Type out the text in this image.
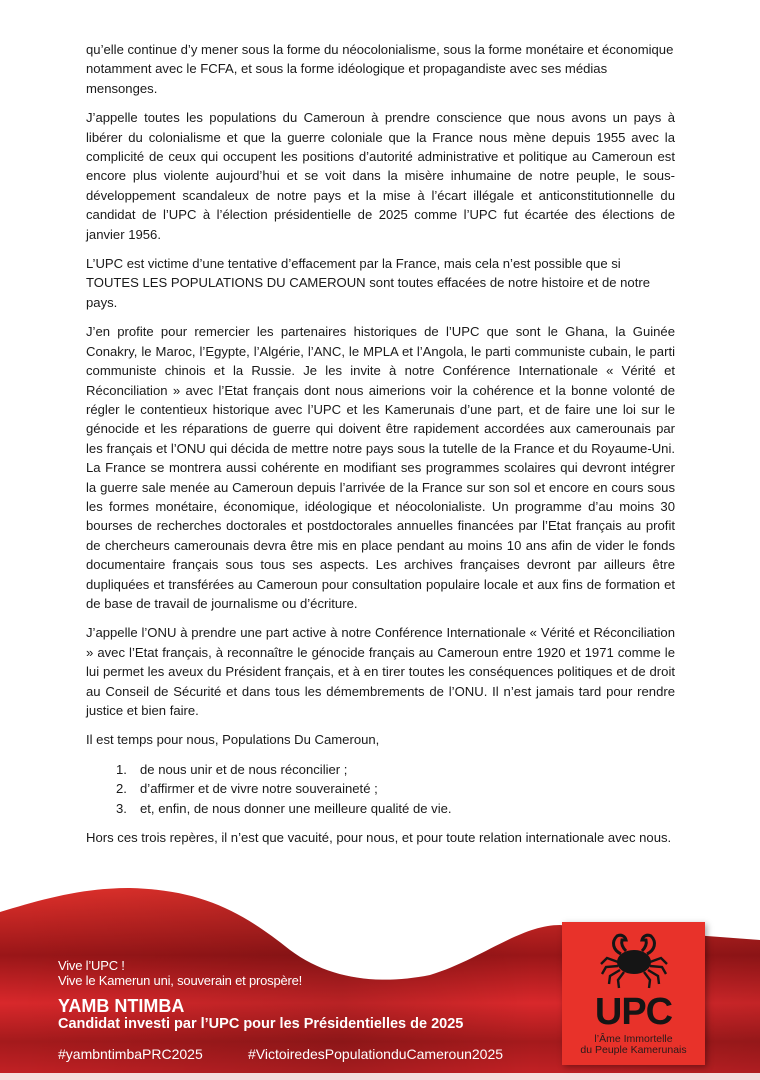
qu’elle continue d’y mener sous la forme du néocolonialisme, sous la forme monétaire et économique notamment avec le FCFA, et sous la forme idéologique et propagandiste avec ses médias mensonges.

J’appelle toutes les populations du Cameroun à prendre conscience que nous avons un pays à libérer du colonialisme et que la guerre coloniale que la France nous mène depuis 1955 avec la complicité de ceux qui occupent les positions d’autorité administrative et politique au Cameroun est encore plus violente aujourd’hui et se voit dans la misère inhumaine de notre peuple, le sous-développement scandaleux de notre pays et la mise à l’écart illégale et anticonstitutionnelle du candidat de l’UPC à l’élection présidentielle de 2025 comme l’UPC fut écartée des élections de janvier 1956.

L’UPC est victime d’une tentative d’effacement par la France, mais cela n’est possible que si TOUTES LES POPULATIONS DU CAMEROUN sont toutes effacées de notre histoire et de notre pays.

J’en profite pour remercier les partenaires historiques de l’UPC que sont le Ghana, la Guinée Conakry, le Maroc, l’Egypte, l’Algérie, l’ANC, le MPLA et l’Angola, le parti communiste cubain, le parti communiste chinois et la Russie. Je les invite à notre Conférence Internationale « Vérité et Réconciliation » avec l’Etat français dont nous aimerions voir la cohérence et la bonne volonté de régler le contentieux historique avec l’UPC et les Kamerunais d’une part, et de faire une loi sur le génocide et les réparations de guerre qui doivent être rapidement accordées aux camerounais par les français et l’ONU qui décida de mettre notre pays sous la tutelle de la France et du Royaume-Uni. La France se montrera aussi cohérente en modifiant ses programmes scolaires qui devront intégrer la guerre sale menée au Cameroun depuis l’arrivée de la France sur son sol et encore en cours sous les formes monétaire, économique, idéologique et néocolonialiste. Un programme d’au moins 30 bourses de recherches doctorales et postdoctorales annuelles financées par l’Etat français au profit de chercheurs camerounais devra être mis en place pendant au moins 10 ans afin de vider le fonds documentaire français sous tous ses aspects. Les archives françaises devront par ailleurs être dupliquées et transférées au Cameroun pour consultation populaire locale et aux fins de formation et de base de travail de journalisme ou d’écriture.

J’appelle l’ONU à prendre une part active à notre Conférence Internationale « Vérité et Réconciliation » avec l’Etat français, à reconnaître le génocide français au Cameroun entre 1920 et 1971 comme le lui permet les aveux du Président français, et à en tirer toutes les conséquences politiques et de droit au Conseil de Sécurité et dans tous les démembrements de l’ONU. Il n’est jamais tard pour rendre justice et bien faire.

Il est temps pour nous, Populations Du Cameroun,

1. de nous unir et de nous réconcilier ;
2. d’affirmer et de vivre notre souveraineté ;
3. et, enfin, de nous donner une meilleure qualité de vie.

Hors ces trois repères, il n’est que vacuité, pour nous, et pour toute relation internationale avec nous.

Vive l’UPC !
Vive le Kamerun uni, souverain et prospère!
YAMB NTIMBA
Candidat investi par l’UPC pour les Présidentielles de 2025
#yambntimbaPRC2025	#VictoiredesPopulationduCameroun2025
UPC
l’Âme Immortelle
du Peuple Kamerunais
